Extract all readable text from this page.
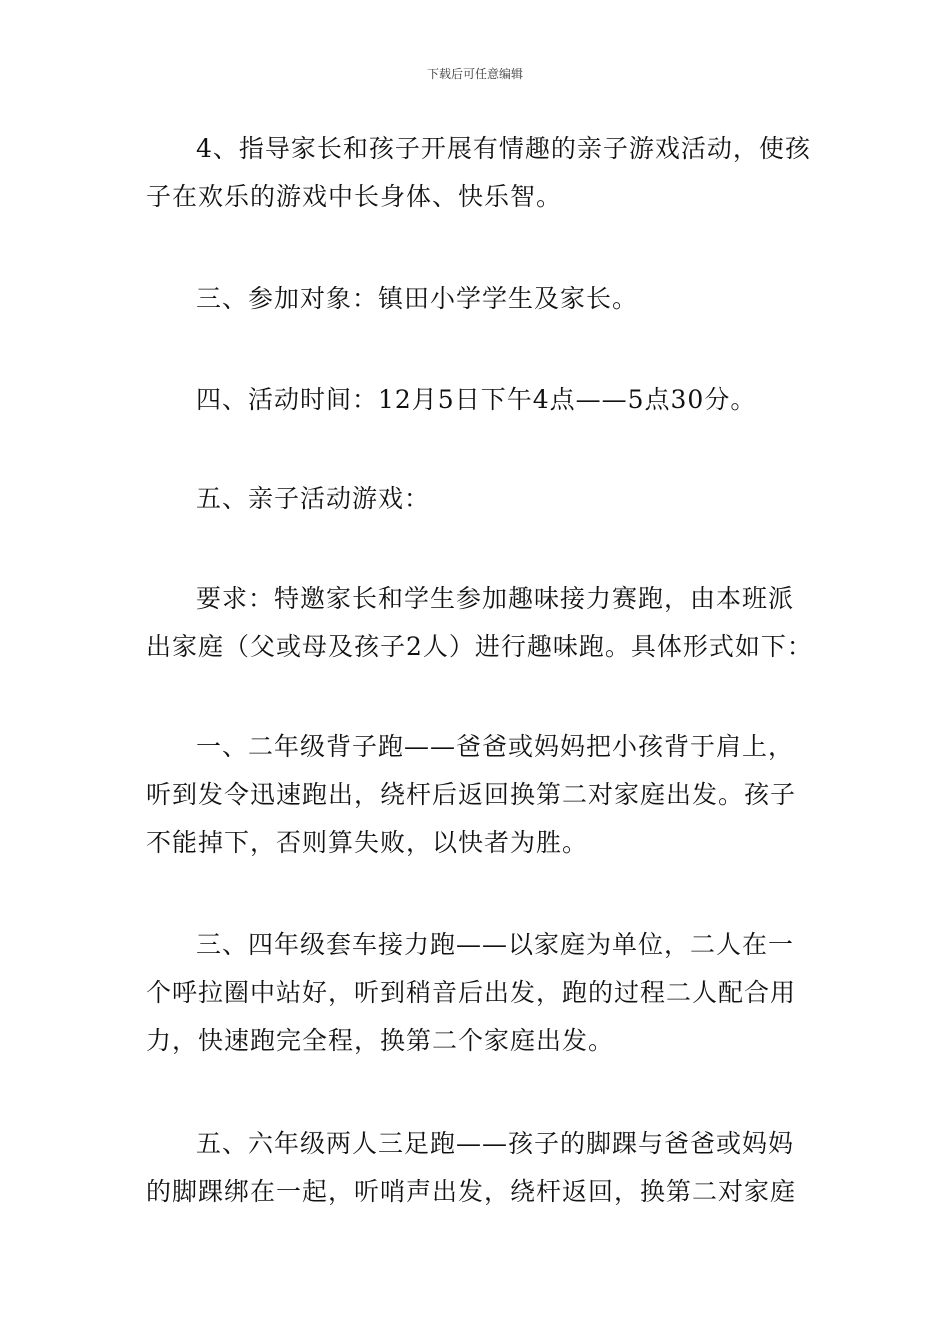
下载后可任意编辑
4、指导家长和孩子开展有情趣的亲子游戏活动，使孩
子在欢乐的游戏中长身体、快乐智。
三、参加对象：镇田小学学生及家长。
四、活动时间：12月5日下午4点——5点30分。
五、亲子活动游戏：
要求：特邀家长和学生参加趣味接力赛跑，由本班派
出家庭（父或母及孩子2人）进行趣味跑。具体形式如下：
一、二年级背子跑——爸爸或妈妈把小孩背于肩上，
听到发令迅速跑出，绕杆后返回换第二对家庭出发。孩子
不能掉下，否则算失败，以快者为胜。
三、四年级套车接力跑——以家庭为单位，二人在一
个呼拉圈中站好，听到稍音后出发，跑的过程二人配合用
力，快速跑完全程，换第二个家庭出发。
五、六年级两人三足跑——孩子的脚踝与爸爸或妈妈
的脚踝绑在一起，听哨声出发，绕杆返回，换第二对家庭
